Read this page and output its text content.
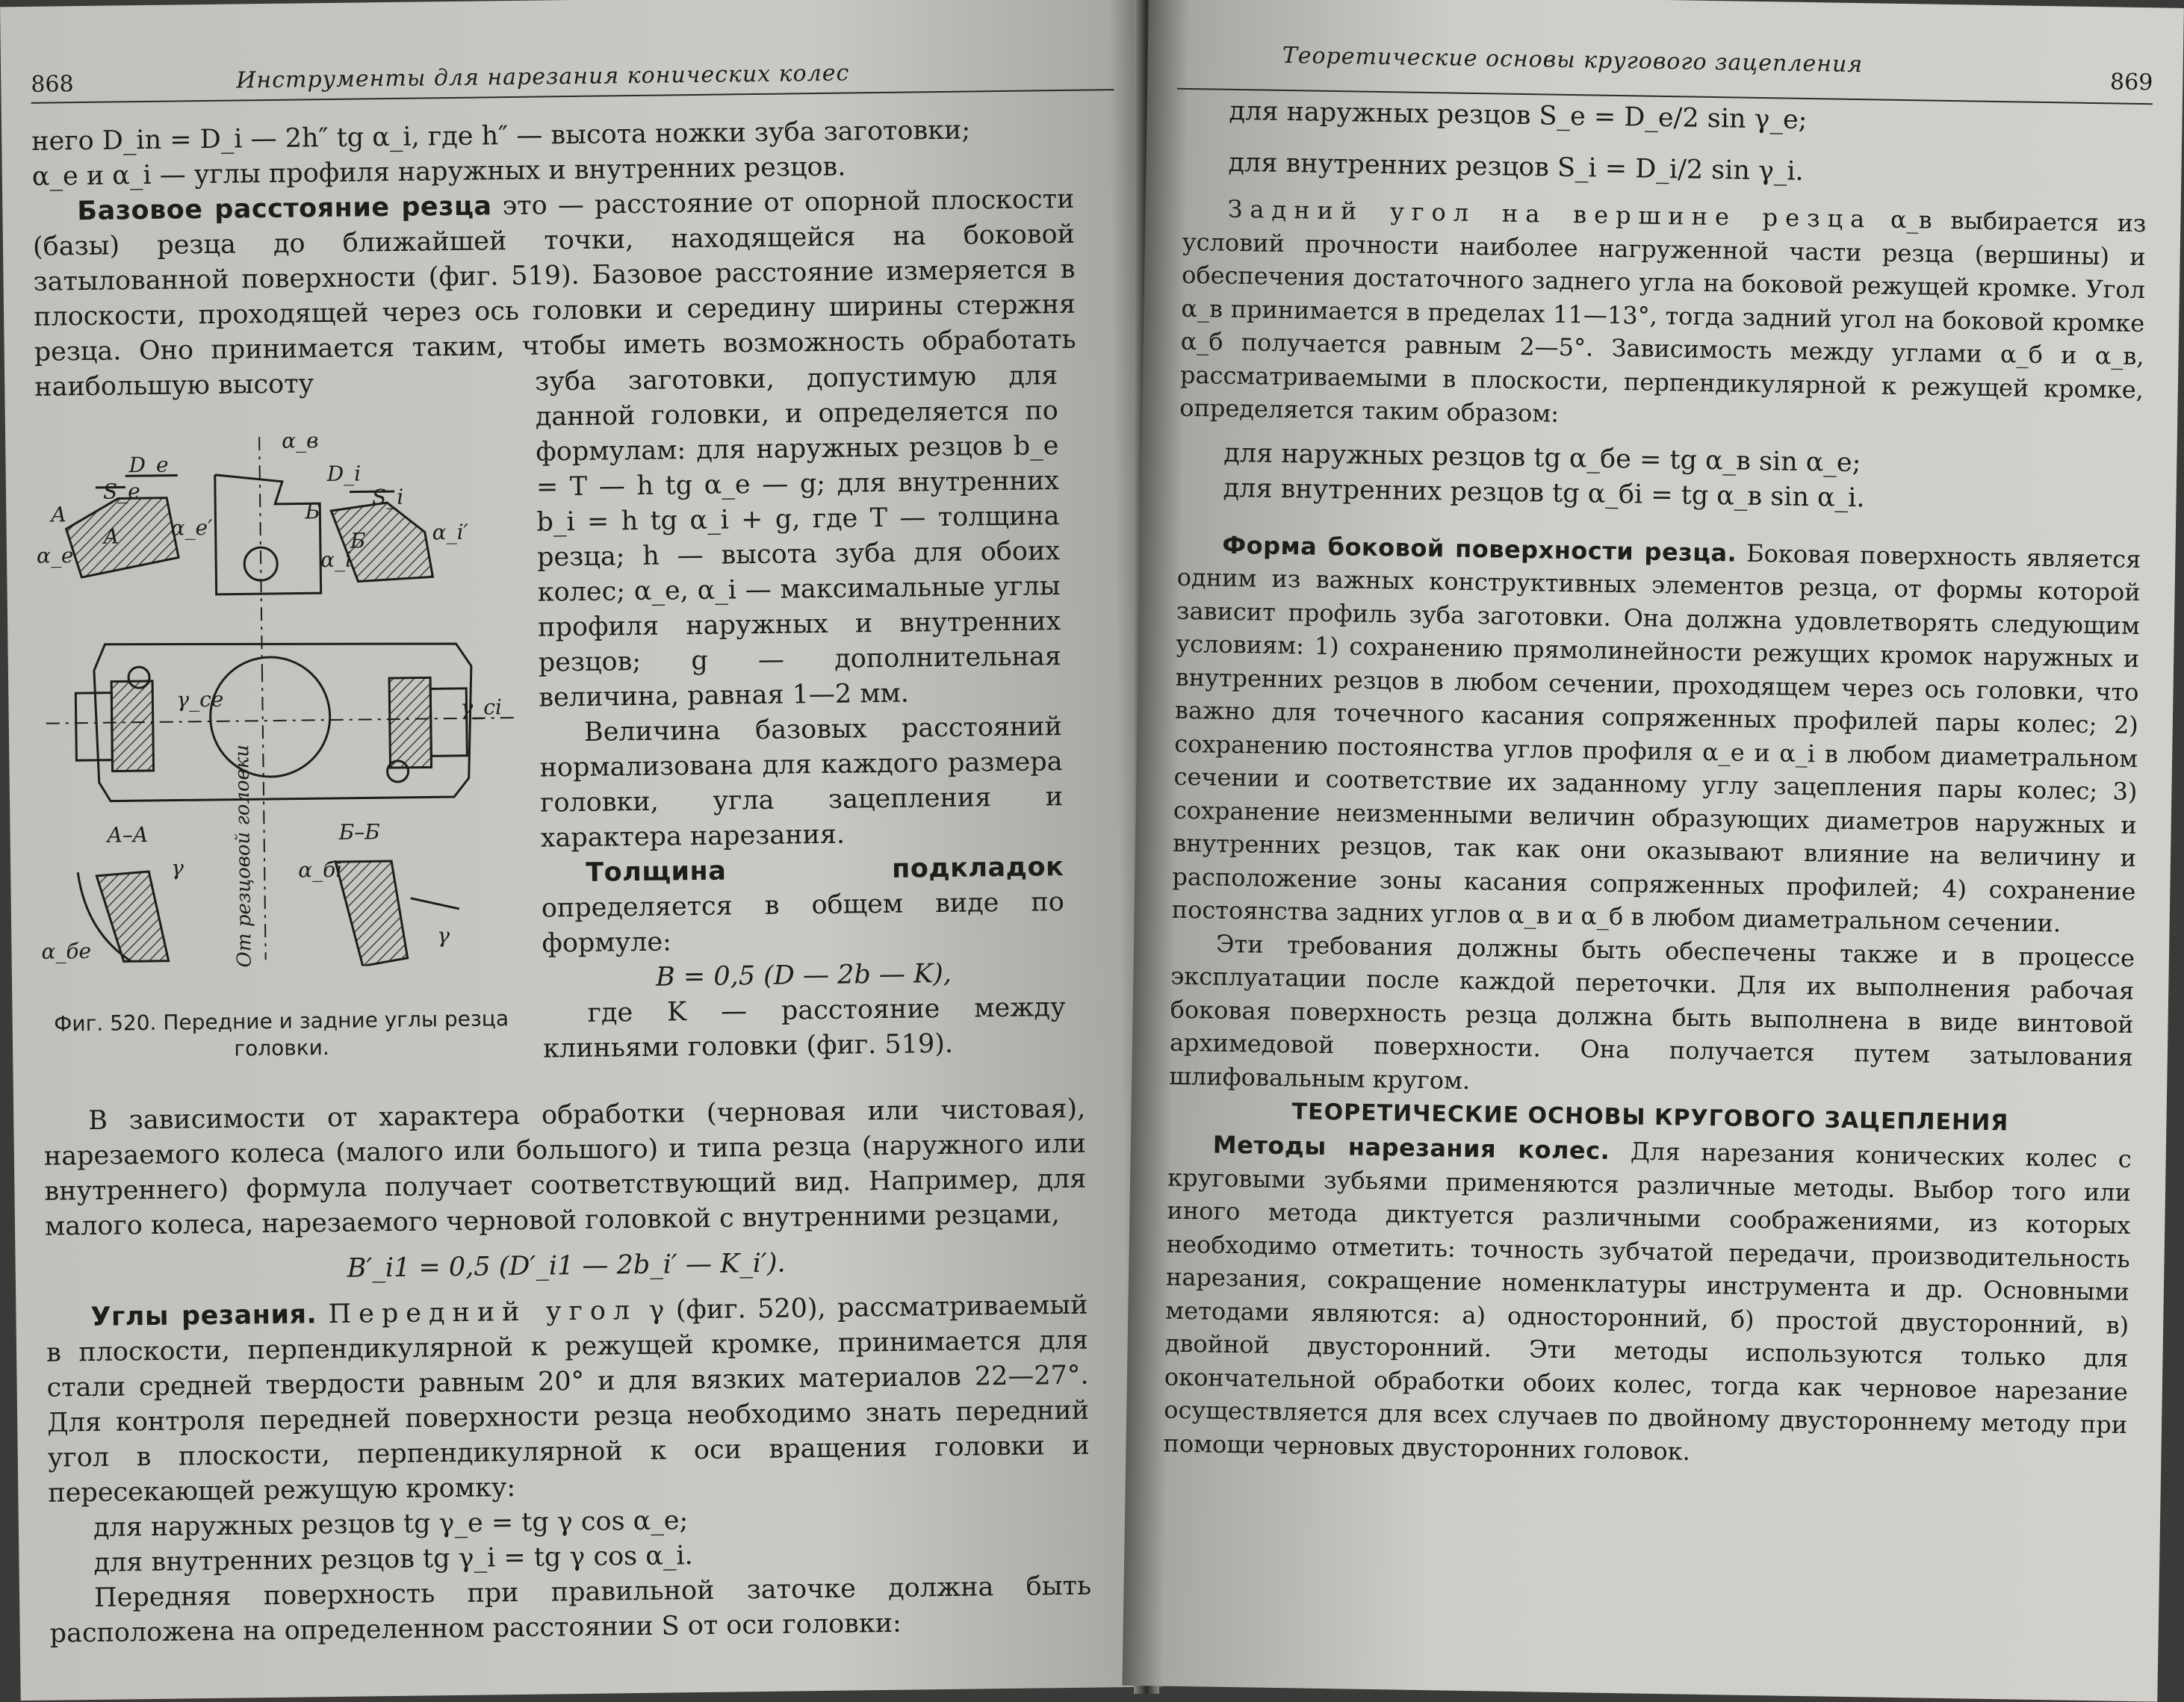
868	Инструменты для нарезания конических колес

него D_in = D_i — 2h″ tg α_i, где h″ — высота ножки зуба заготовки;

α_e и α_i — углы профиля наружных и внутренних резцов.

Базовое расстояние резца это — расстояние от опорной плоскости (базы) резца до ближайшей точки, находящейся на боковой затылованной поверхности (фиг. 519). Базовое расстояние измеряется в плоскости, проходящей через ось головки и середину ширины стержня резца. Оно принимается таким, чтобы иметь возможность обработать наибольшую высоту

α_в
D_e	D_i
S_e	S_i
A	Б
A	Б
α_e
α_e′
α_i
α_i′
γ_ce	γ_ci
A–A	Б–Б
γ
γ
α_бi
α_бe	От резцовой головки
Фиг. 520. Передние и задние углы резца головки.

зуба заготовки, допустимую для данной головки, и определяется по формулам: для наружных резцов b_e = T — h tg α_e — g; для внутренних b_i = h tg α_i + g, где T — толщина резца; h — высота зуба для обоих колес; α_e, α_i — максимальные углы профиля наружных и внутренних резцов; g — дополнительная величина, равная 1—2 мм.

Величина базовых расстояний нормализована для каждого размера головки, угла зацепления и характера нарезания.

Толщина подкладок определяется в общем виде по формуле:

B = 0,5 (D — 2b — K),

где K — расстояние между клиньями головки (фиг. 519).

В зависимости от характера обработки (черновая или чистовая), нарезаемого колеса (малого или большого) и типа резца (наружного или внутреннего) формула получает соответствующий вид. Например, для малого колеса, нарезаемого черновой головкой с внутренними резцами,

B′_i1 = 0,5 (D′_i1 — 2b_i′ — K_i′).

Углы резания. Передний угол γ (фиг. 520), рассматриваемый в плоскости, перпендикулярной к режущей кромке, принимается для стали средней твердости равным 20° и для вязких материалов 22—27°. Для контроля передней поверхности резца необходимо знать передний угол в плоскости, перпендикулярной к оси вращения головки и пересекающей режущую кромку:

для наружных резцов tg γ_e = tg γ cos α_e;

для внутренних резцов tg γ_i = tg γ cos α_i.

Передняя поверхность при правильной заточке должна быть расположена на определенном расстоянии S от оси головки:

Теоретические основы кругового зацепления
869

для наружных резцов S_e = D_e/2 sin γ_e;

для внутренних резцов S_i = D_i/2 sin γ_i.

Задний угол на вершине резца α_в выбирается из условий прочности наиболее нагруженной части резца (вершины) и обеспечения достаточного заднего угла на боковой режущей кромке. Угол α_в принимается в пределах 11—13°, тогда задний угол на боковой кромке α_б получается равным 2—5°. Зависимость между углами α_б и α_в, рассматриваемыми в плоскости, перпендикулярной к режущей кромке, определяется таким образом:

для наружных резцов tg α_бe = tg α_в sin α_e;

для внутренних резцов tg α_бi = tg α_в sin α_i.

Форма боковой поверхности резца. Боковая поверхность является одним из важных конструктивных элементов резца, от формы которой зависит профиль зуба заготовки. Она должна удовлетворять следующим условиям: 1) сохранению прямолинейности режущих кромок наружных и внутренних резцов в любом сечении, проходящем через ось головки, что важно для точечного касания сопряженных профилей пары колес; 2) сохранению постоянства углов профиля α_e и α_i в любом диаметральном сечении и соответствие их заданному углу зацепления пары колес; 3) сохранение неизменными величин образующих диаметров наружных и внутренних резцов, так как они оказывают влияние на величину и расположение зоны касания сопряженных профилей; 4) сохранение постоянства задних углов α_в и α_б в любом диаметральном сечении.

Эти требования должны быть обеспечены также и в процессе эксплуатации после каждой переточки. Для их выполнения рабочая боковая поверхность резца должна быть выполнена в виде винтовой архимедовой поверхности. Она получается путем затылования шлифовальным кругом.

ТЕОРЕТИЧЕСКИЕ ОСНОВЫ КРУГОВОГО ЗАЦЕПЛЕНИЯ

Методы нарезания колес. Для нарезания конических колес с круговыми зубьями применяются различные методы. Выбор того или иного метода диктуется различными соображениями, из которых необходимо отметить: точность зубчатой передачи, производительность нарезания, сокращение номенклатуры инструмента и др. Основными методами являются: а) односторонний, б) простой двусторонний, в) двойной двусторонний. Эти методы используются только для окончательной обработки обоих колес, тогда как черновое нарезание осуществляется для всех случаев по двойному двустороннему методу при помощи черновых двусторонних головок.
